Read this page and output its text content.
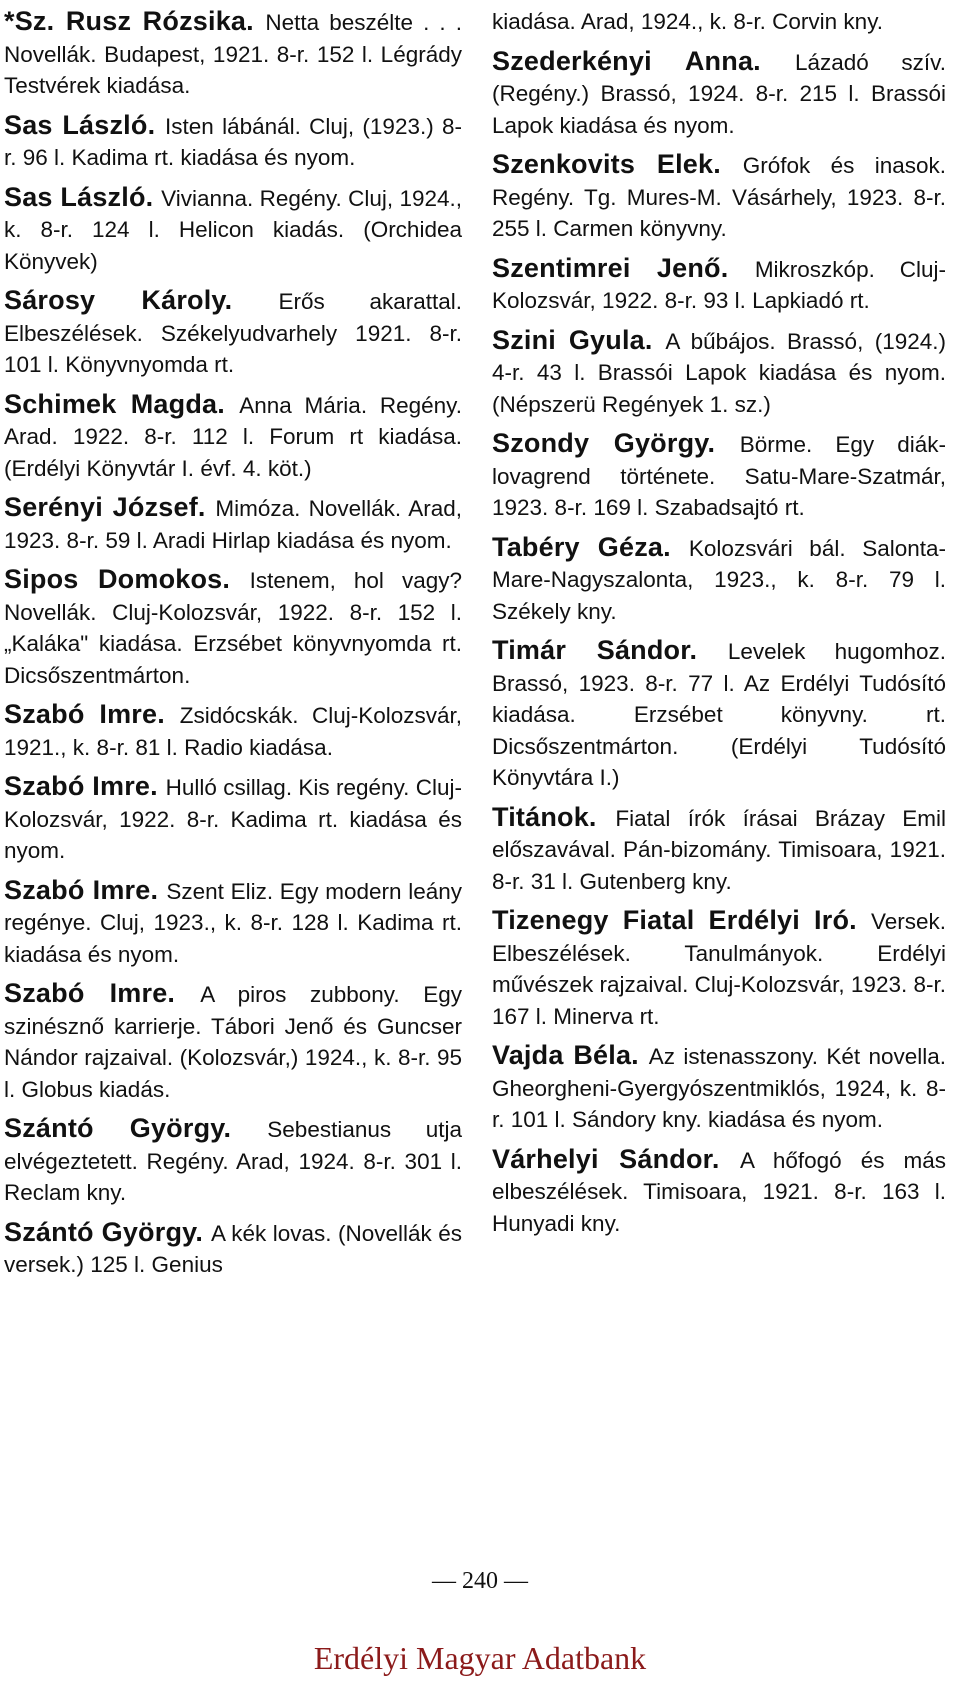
*Sz. Rusz Rózsika. Netta beszélte . . . Novellák. Budapest, 1921. 8-r. 152 l. Légrády Testvérek kiadása.

Sas László. Isten lábánál. Cluj, (1923.) 8-r. 96 l. Kadima rt. kiadása és nyom.

Sas László. Vivianna. Regény. Cluj, 1924., k. 8-r. 124 l. Helicon kiadás. (Orchidea Könyvek)

Sárosy Károly. Erős akarattal. Elbeszélések. Székelyudvarhely 1921. 8-r. 101 l. Könyvnyomda rt.

Schimek Magda. Anna Mária. Regény. Arad. 1922. 8-r. 112 l. Forum rt kiadása. (Erdélyi Könyvtár I. évf. 4. köt.)

Serényi József. Mimóza. Novellák. Arad, 1923. 8-r. 59 l. Aradi Hirlap kiadása és nyom.

Sipos Domokos. Istenem, hol vagy? Novellák. Cluj-Kolozsvár, 1922. 8-r. 152 l. „Kaláka" kiadása. Erzsébet könyvnyomda rt. Dicsőszentmárton.

Szabó Imre. Zsidócskák. Cluj-Kolozsvár, 1921., k. 8-r. 81 l. Radio kiadása.

Szabó Imre. Hulló csillag. Kis regény. Cluj-Kolozsvár, 1922. 8-r. Kadima rt. kiadása és nyom.

Szabó Imre. Szent Eliz. Egy modern leány regénye. Cluj, 1923., k. 8-r. 128 l. Kadima rt. kiadása és nyom.

Szabó Imre. A piros zubbony. Egy szinésznő karrierje. Tábori Jenő és Guncser Nándor rajzaival. (Kolozsvár,) 1924., k. 8-r. 95 l. Globus kiadás.

Szántó György. Sebestianus utja elvégeztetett. Regény. Arad, 1924. 8-r. 301 l. Reclam kny.

Szántó György. A kék lovas. (Novellák és versek.) 125 l. Genius

kiadása. Arad, 1924., k. 8-r. Corvin kny.

Szederkényi Anna. Lázadó szív. (Regény.) Brassó, 1924. 8-r. 215 l. Brassói Lapok kiadása és nyom.

Szenkovits Elek. Grófok és inasok. Regény. Tg. Mures-M. Vásárhely, 1923. 8-r. 255 l. Carmen könyvny.

Szentimrei Jenő. Mikroszkóp. Cluj-Kolozsvár, 1922. 8-r. 93 l. Lapkiadó rt.

Szini Gyula. A bűbájos. Brassó, (1924.) 4-r. 43 l. Brassói Lapok kiadása és nyom. (Népszerü Regények 1. sz.)

Szondy György. Börme. Egy diák-lovagrend története. Satu-Mare-Szatmár, 1923. 8-r. 169 l. Szabadsajtó rt.

Tabéry Géza. Kolozsvári bál. Salonta-Mare-Nagyszalonta, 1923., k. 8-r. 79 l. Székely kny.

Timár Sándor. Levelek hugomhoz. Brassó, 1923. 8-r. 77 l. Az Erdélyi Tudósító kiadása. Erzsébet könyvny. rt. Dicsőszentmárton. (Erdélyi Tudósító Könyvtára I.)

Titánok. Fiatal írók írásai Brázay Emil előszavával. Pán-bizomány. Timisoara, 1921. 8-r. 31 l. Gutenberg kny.

Tizenegy Fiatal Erdélyi Iró. Versek. Elbeszélések. Tanulmányok. Erdélyi művészek rajzaival. Cluj-Kolozsvár, 1923. 8-r. 167 l. Minerva rt.

Vajda Béla. Az istenasszony. Két novella. Gheorgheni-Gyergyószentmiklós, 1924, k. 8-r. 101 l. Sándory kny. kiadása és nyom.

Várhelyi Sándor. A hőfogó és más elbeszélések. Timisoara, 1921. 8-r. 163 l. Hunyadi kny.

— 240 —
Erdélyi Magyar Adatbank
